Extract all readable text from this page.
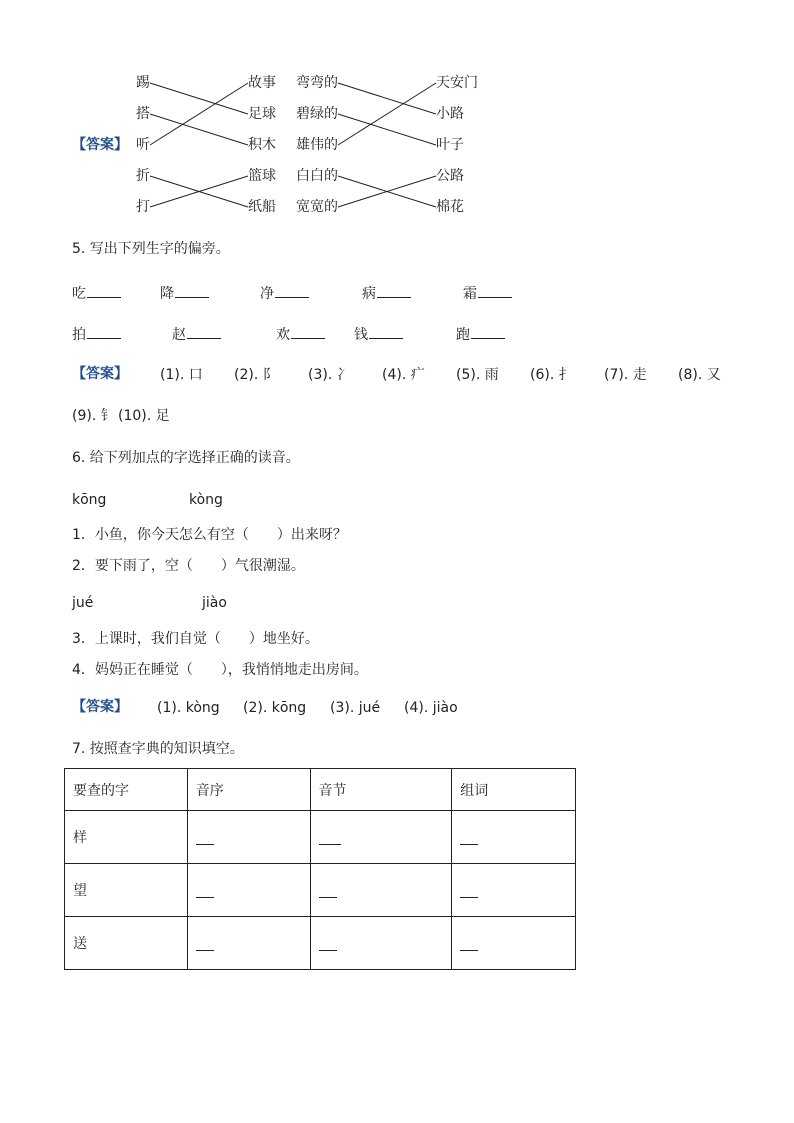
【答案】
踢
搭
听
折
打
故事
足球
积木
篮球
纸船
弯弯的
碧绿的
雄伟的
白白的
宽宽的
天安门
小路
叶子
公路
棉花
5. 写出下列生字的偏旁。
吃	降	净	病	霜
拍	赵	欢	钱	跑
【答案】 (1). 口 (2). 阝 (3). 冫 (4). 疒 (5). 雨 (6). 扌 (7). 走 (8). 又
(9). 钅 (10). 足
6. 给下列加点的字选择正确的读音。
kōng	kòng
1．小鱼，你今天怎么有空（　　）出来呀？
2．要下雨了，空（　　）气很潮湿。
jué	jiào
3．上课时，我们自觉（　　）地坐好。
4．妈妈正在睡觉（　　），我悄悄地走出房间。
【答案】 (1). kòng (2). kōng (3). jué (4). jiào
7. 按照查字典的知识填空。
要查的字	音序	音节	组词
样			
望			
送			
